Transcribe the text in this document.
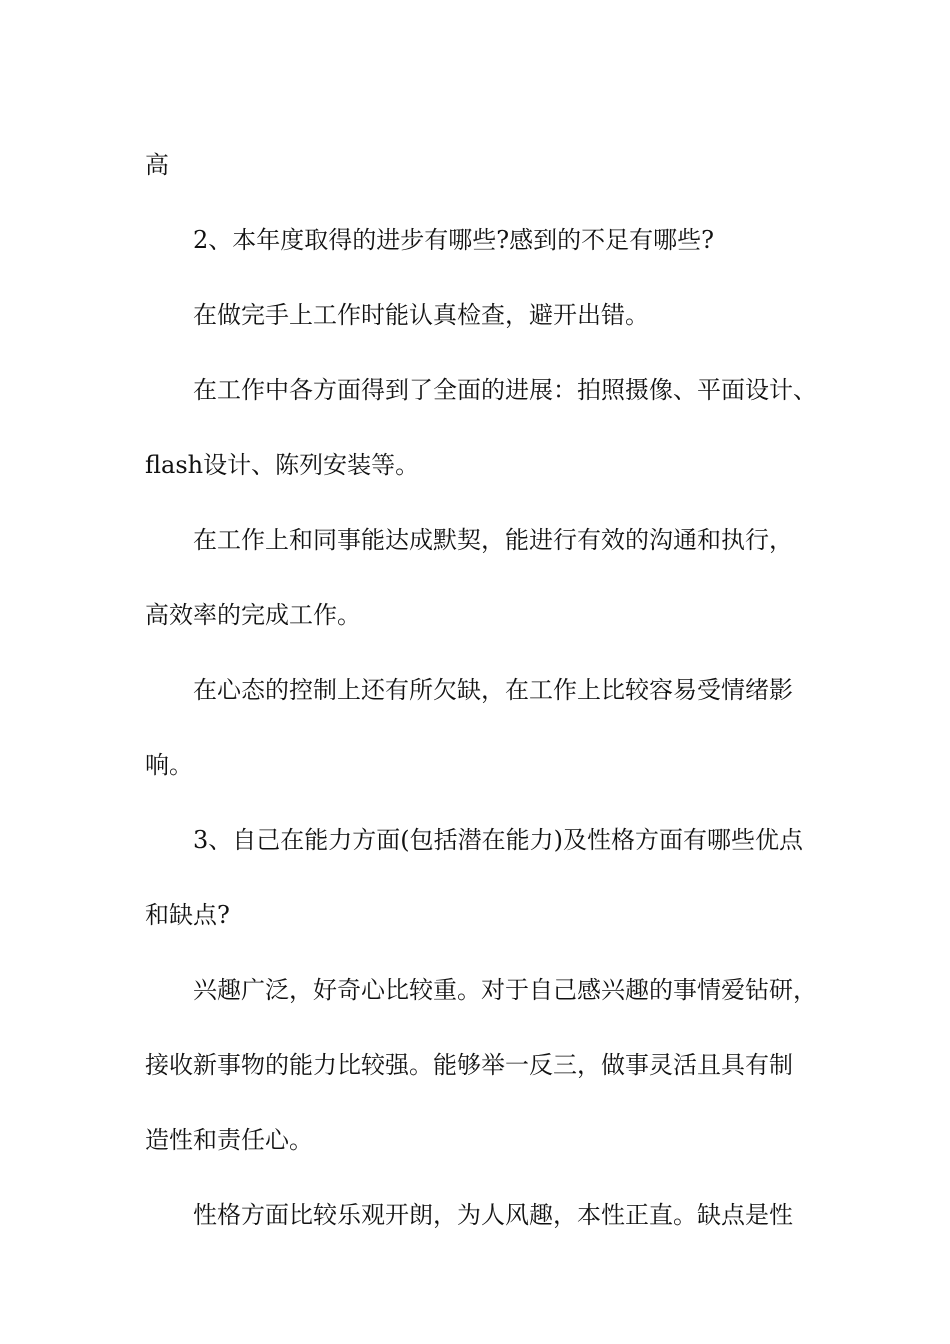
高
2、本年度取得的进步有哪些?感到的不足有哪些?
在做完手上工作时能认真检查，避开出错。
在工作中各方面得到了全面的进展：拍照摄像、平面设计、
flash设计、陈列安装等。
在工作上和同事能达成默契，能进行有效的沟通和执行，
高效率的完成工作。
在心态的控制上还有所欠缺，在工作上比较容易受情绪影
响。
3、自己在能力方面(包括潜在能力)及性格方面有哪些优点
和缺点?
兴趣广泛，好奇心比较重。对于自己感兴趣的事情爱钻研，
接收新事物的能力比较强。能够举一反三，做事灵活且具有制
造性和责任心。
性格方面比较乐观开朗，为人风趣，本性正直。缺点是性
